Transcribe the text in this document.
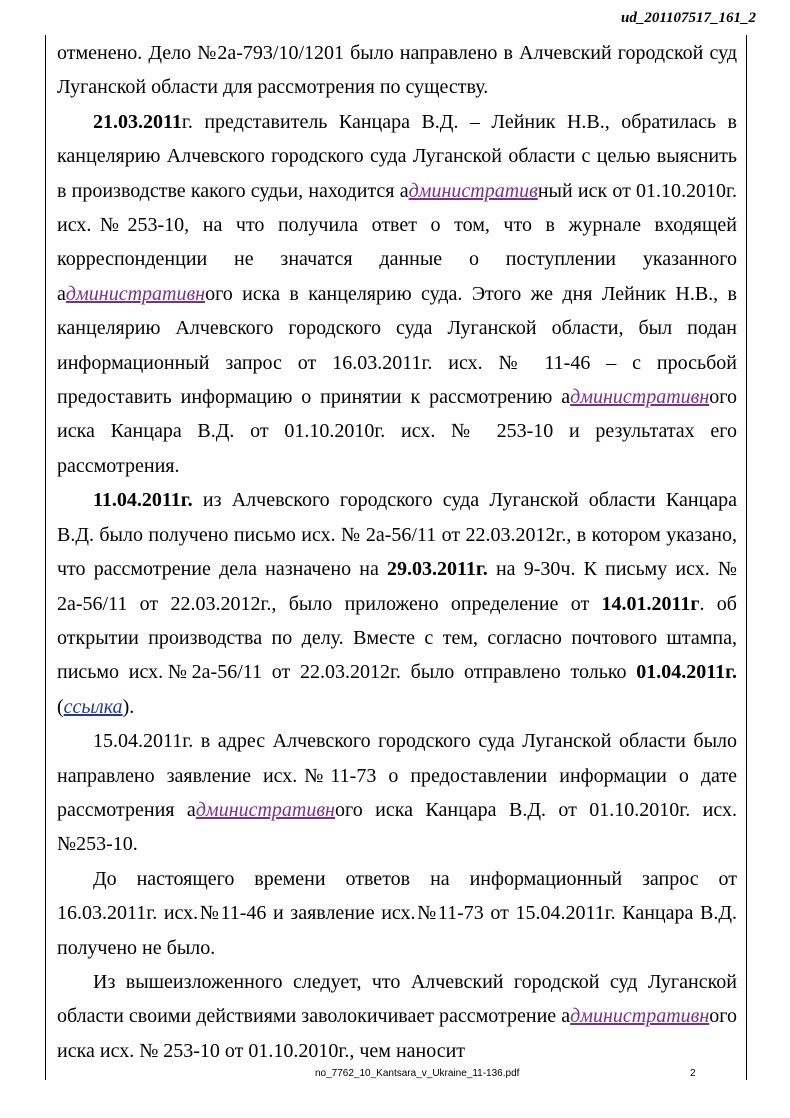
ud_201107517_161_2

отменено. Дело №2а-793/10/1201 было направлено в Алчевский городской суд Луганской области для рассмотрения по существу.

21.03.2011г. представитель Канцара В.Д. – Лейник Н.В., обратилась в канцелярию Алчевского городского суда Луганской области с целью выяснить в производстве какого судьи, находится административный иск от 01.10.2010г. исх.№253-10, на что получила ответ о том, что в журнале входящей корреспонденции не значатся данные о поступлении указанного административного иска в канцелярию суда. Этого же дня Лейник Н.В., в канцелярию Алчевского городского суда Луганской области, был подан информационный запрос от 16.03.2011г. исх. № 11-46 – с просьбой предоставить информацию о принятии к рассмотрению административного иска Канцара В.Д. от 01.10.2010г. исх. № 253-10 и результатах его рассмотрения.

11.04.2011г. из Алчевского городского суда Луганской области Канцара В.Д. было получено письмо исх. № 2а-56/11 от 22.03.2012г., в котором указано, что рассмотрение дела назначено на 29.03.2011г. на 9-30ч. К письму исх. № 2а-56/11 от 22.03.2012г., было приложено определение от 14.01.2011г. об открытии производства по делу. Вместе с тем, согласно почтового штампа, письмо исх.№2а-56/11 от 22.03.2012г. было отправлено только 01.04.2011г. (ссылка).

15.04.2011г. в адрес Алчевского городского суда Луганской области было направлено заявление исх.№11-73 о предоставлении информации о дате рассмотрения административного иска Канцара В.Д. от 01.10.2010г. исх. №253-10.

До настоящего времени ответов на информационный запрос от 16.03.2011г. исх.№11-46 и заявление исх.№11-73 от 15.04.2011г. Канцара В.Д. получено не было.

Из вышеизложенного следует, что Алчевский городской суд Луганской области своими действиями заволокичивает рассмотрение административного иска исх. № 253-10 от 01.10.2010г., чем наносит

no_7762_10_Kantsara_v_Ukraine_11-136.pdf	2
